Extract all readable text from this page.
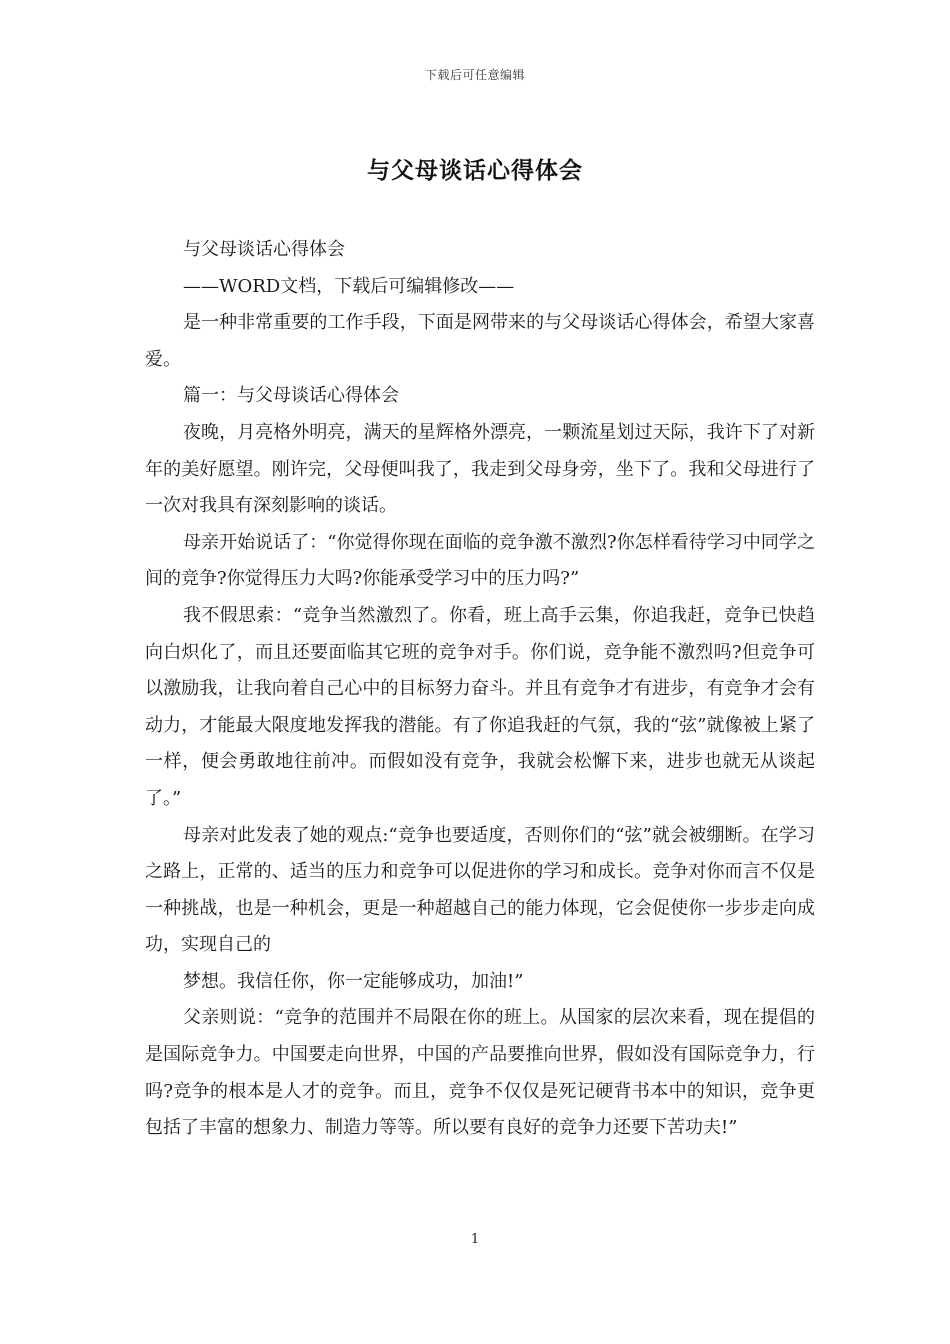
下载后可任意编辑
与父母谈话心得体会

与父母谈话心得体会

——WORD文档，下载后可编辑修改——

是一种非常重要的工作手段，下面是网带来的与父母谈话心得体会，希望大家喜爱。

篇一：与父母谈话心得体会

夜晚，月亮格外明亮，满天的星辉格外漂亮，一颗流星划过天际，我许下了对新年的美好愿望。刚许完，父母便叫我了，我走到父母身旁，坐下了。我和父母进行了一次对我具有深刻影响的谈话。

母亲开始说话了：“你觉得你现在面临的竞争激不激烈?你怎样看待学习中同学之间的竞争?你觉得压力大吗?你能承受学习中的压力吗?”

我不假思索：“竞争当然激烈了。你看，班上高手云集，你追我赶，竞争已快趋向白炽化了，而且还要面临其它班的竞争对手。你们说，竞争能不激烈吗?但竞争可以激励我，让我向着自己心中的目标努力奋斗。并且有竞争才有进步，有竞争才会有动力，才能最大限度地发挥我的潜能。有了你追我赶的气氛，我的“弦”就像被上紧了一样，便会勇敢地往前冲。而假如没有竞争，我就会松懈下来，进步也就无从谈起了。”

母亲对此发表了她的观点:“竞争也要适度，否则你们的“弦”就会被绷断。在学习之路上，正常的、适当的压力和竞争可以促进你的学习和成长。竞争对你而言不仅是一种挑战，也是一种机会，更是一种超越自己的能力体现，它会促使你一步步走向成功，实现自己的

梦想。我信任你，你一定能够成功，加油!”

父亲则说：“竞争的范围并不局限在你的班上。从国家的层次来看，现在提倡的是国际竞争力。中国要走向世界，中国的产品要推向世界，假如没有国际竞争力，行吗?竞争的根本是人才的竞争。而且，竞争不仅仅是死记硬背书本中的知识，竞争更包括了丰富的想象力、制造力等等。所以要有良好的竞争力还要下苦功夫!”

1
